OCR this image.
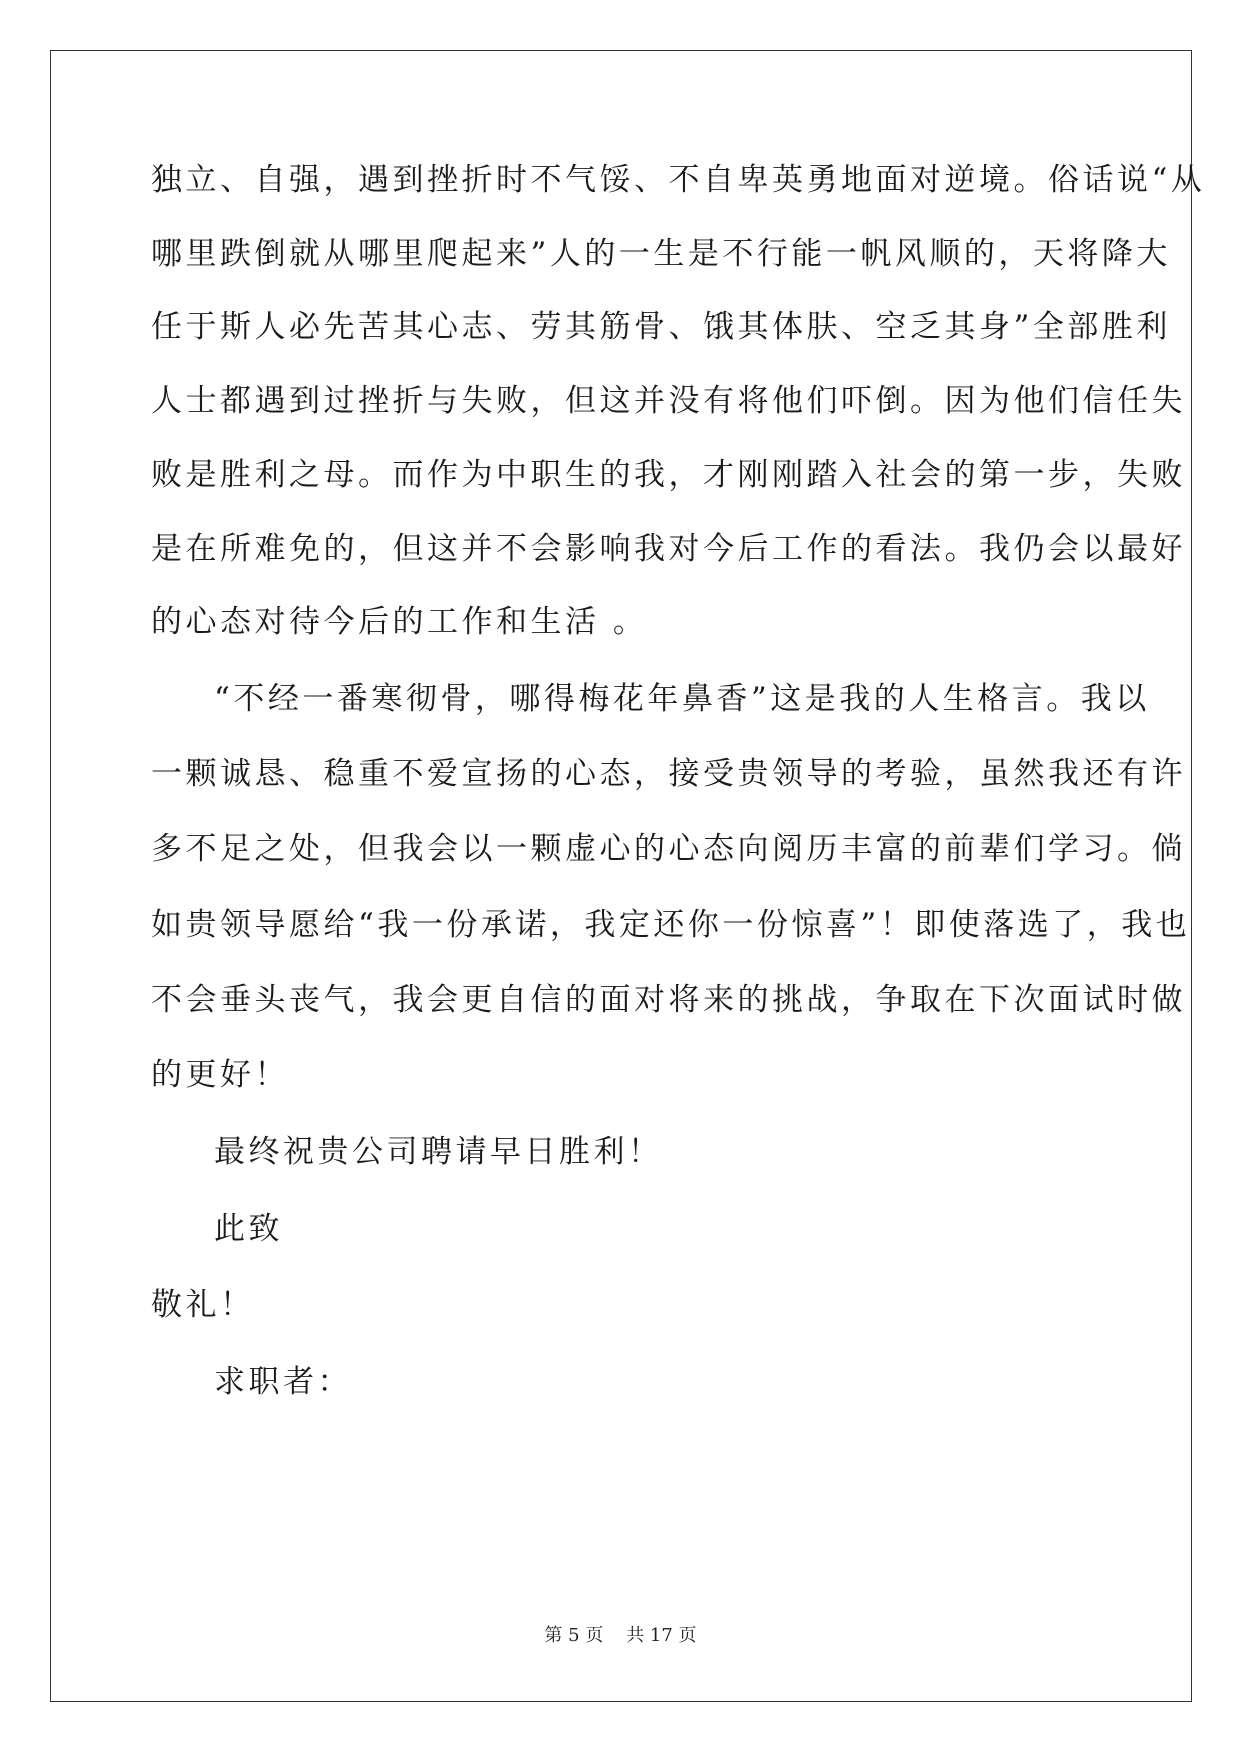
独立、自强，遇到挫折时不气馁、不自卑英勇地面对逆境。俗话说“从
哪里跌倒就从哪里爬起来”人的一生是不行能一帆风顺的，天将降大
任于斯人必先苦其心志、劳其筋骨、饿其体肤、空乏其身”全部胜利
人士都遇到过挫折与失败，但这并没有将他们吓倒。因为他们信任失
败是胜利之母。而作为中职生的我，才刚刚踏入社会的第一步，失败
是在所难免的，但这并不会影响我对今后工作的看法。我仍会以最好
的心态对待今后的工作和生活 。
“不经一番寒彻骨，哪得梅花年鼻香”这是我的人生格言。我以
一颗诚恳、稳重不爱宣扬的心态，接受贵领导的考验，虽然我还有许
多不足之处，但我会以一颗虚心的心态向阅历丰富的前辈们学习。倘
如贵领导愿给“我一份承诺，我定还你一份惊喜”！即使落选了，我也
不会垂头丧气，我会更自信的面对将来的挑战，争取在下次面试时做
的更好！
最终祝贵公司聘请早日胜利！
此致
敬礼！
求职者：
第 5 页    共 17 页
